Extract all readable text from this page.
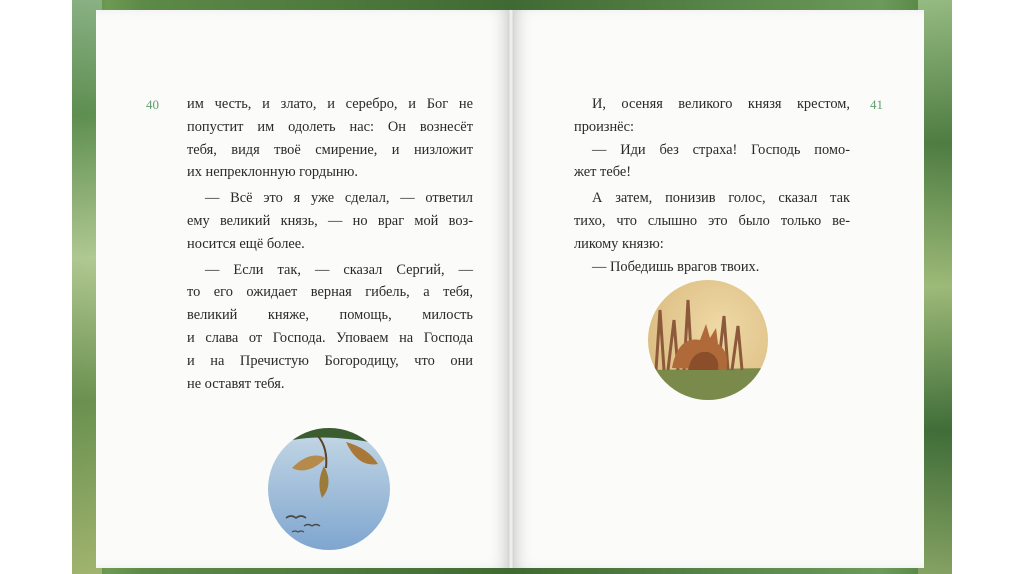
40 им честь, и злато, и серебро, и Бог не
попустит им одолеть нас: Он вознесёт
тебя, видя твоё смирение, и низложит
их непреклонную гордыню.
— Всё это я уже сделал, — ответил
ему великий князь, — но враг мой воз-
носится ещё более.
— Если так, — сказал Сергий, —
то его ожидает верная гибель, а тебя,
великий княже, помощь, милость
и слава от Господа. Уповаем на Господа
и на Пречистую Богородицу, что они
не оставят тебя.
41
И, осеняя великого князя крестом,
произнёс:
— Иди без страха! Господь помо-
жет тебе!
А затем, понизив голос, сказал так
тихо, что слышно это было только ве-
ликому князю:
— Победишь врагов твоих.
